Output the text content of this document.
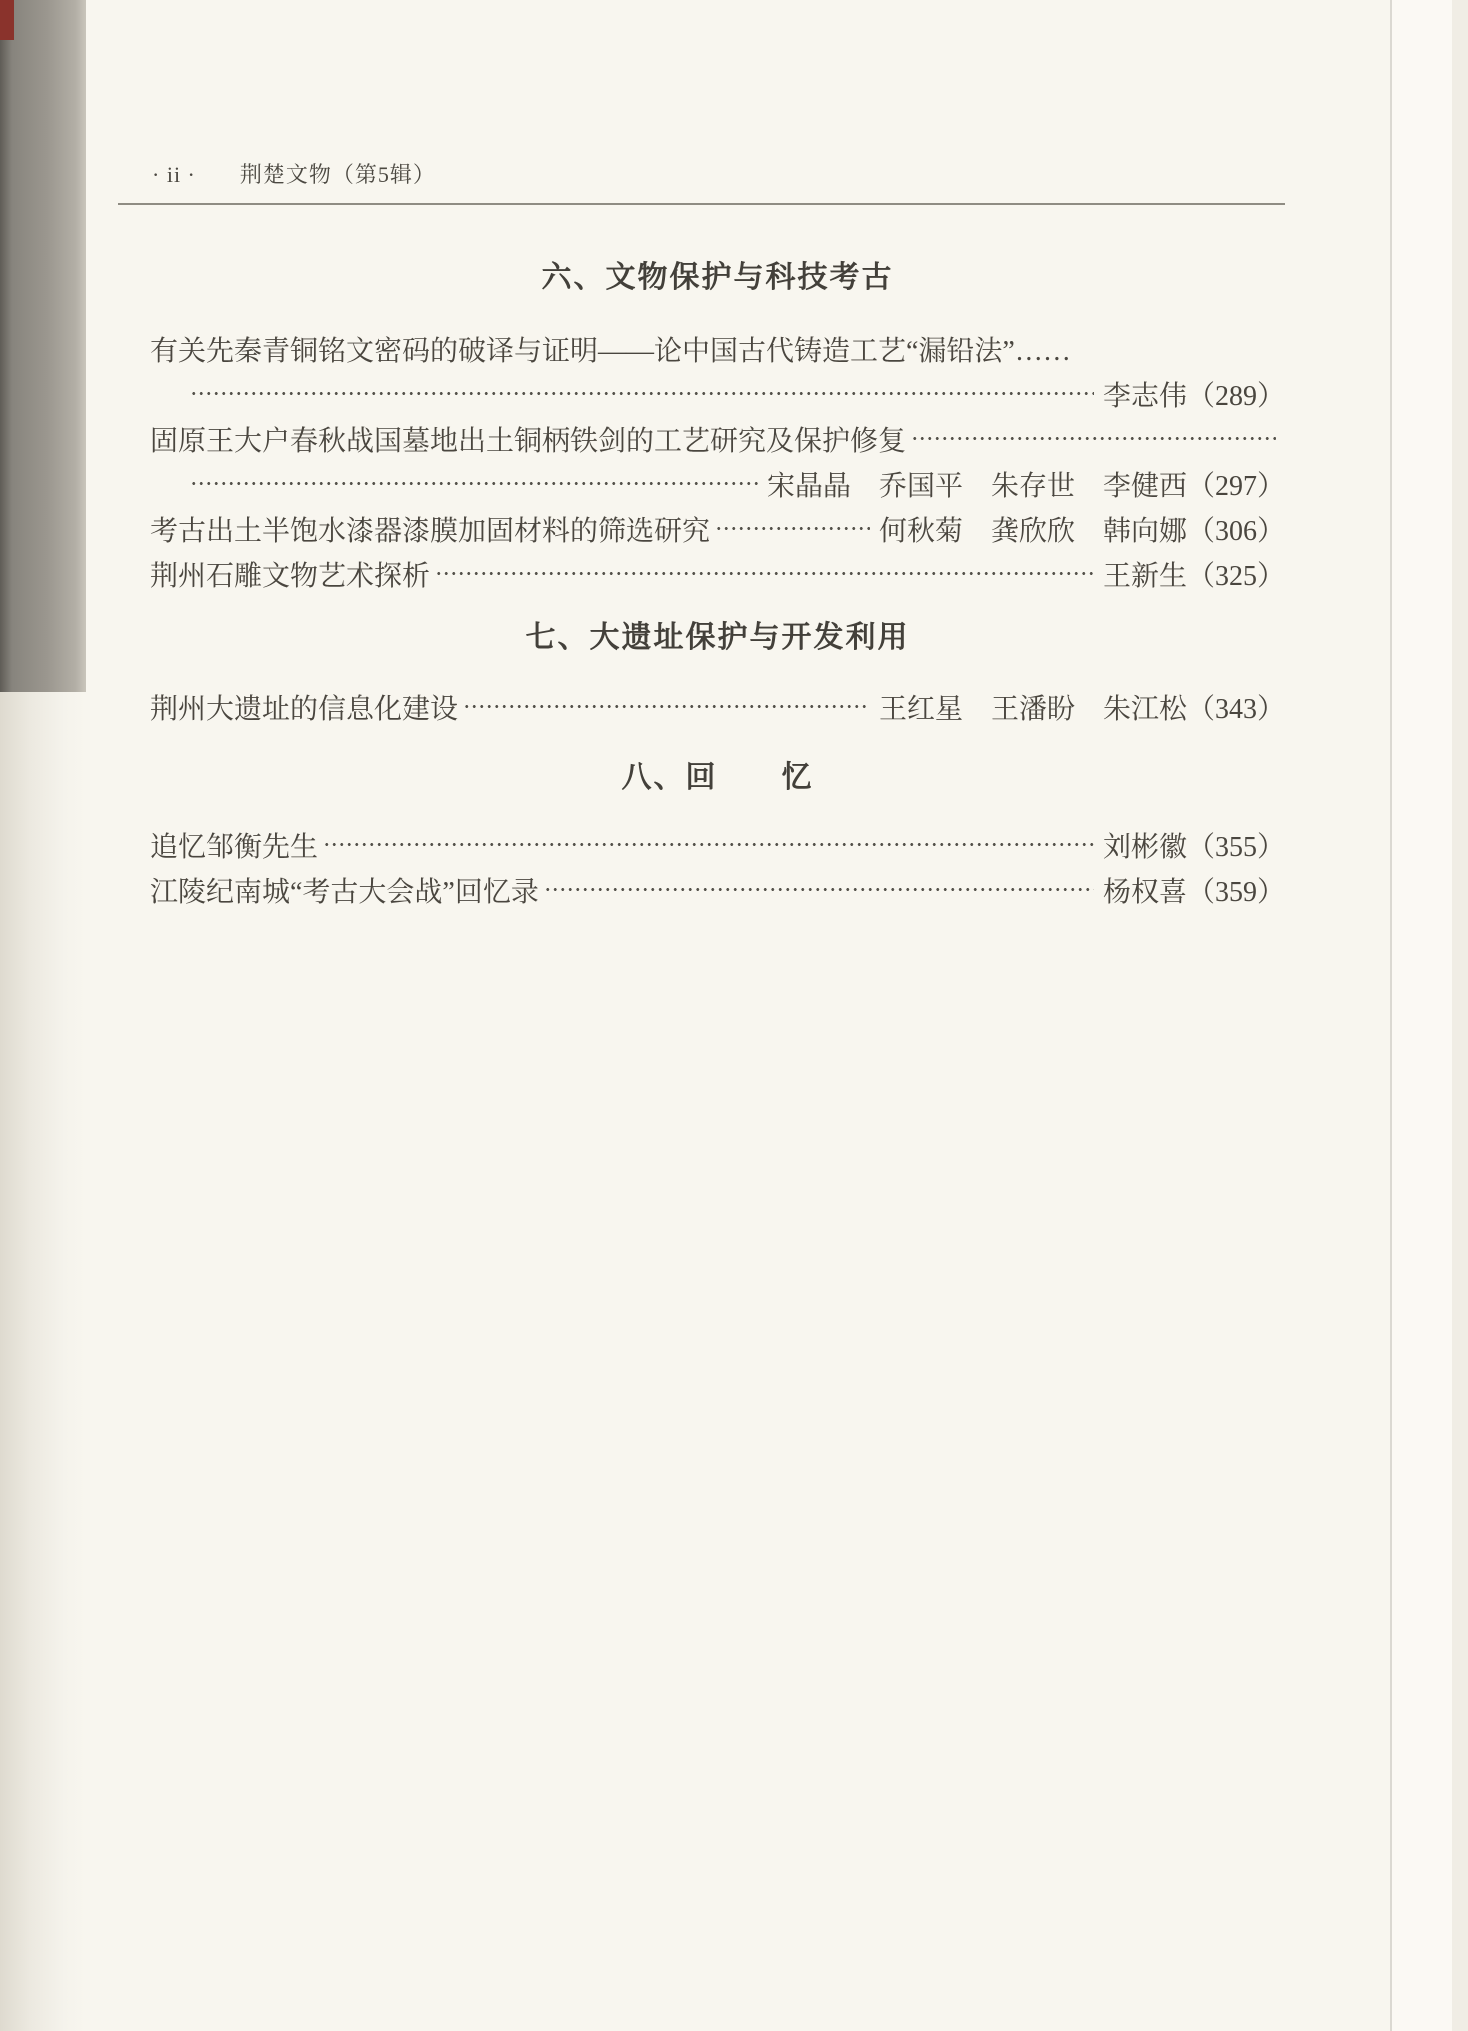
· ii · 荆楚文物（第5辑）
六、文物保护与科技考古
有关先秦青铜铭文密码的破译与证明——论中国古代铸造工艺“漏铅法”……
李志伟 （289）
固原王大户春秋战国墓地出土铜柄铁剑的工艺研究及保护修复
宋晶晶　乔国平　朱存世　李健西 （297）
考古出土半饱水漆器漆膜加固材料的筛选研究	何秋菊　龚欣欣　韩向娜 （306）
荆州石雕文物艺术探析	王新生 （325）
七、大遗址保护与开发利用
荆州大遗址的信息化建设	王红星　王潘盼　朱江松 （343）
八、回　　忆
追忆邹衡先生	刘彬徽 （355）
江陵纪南城“考古大会战”回忆录	杨权喜 （359）
